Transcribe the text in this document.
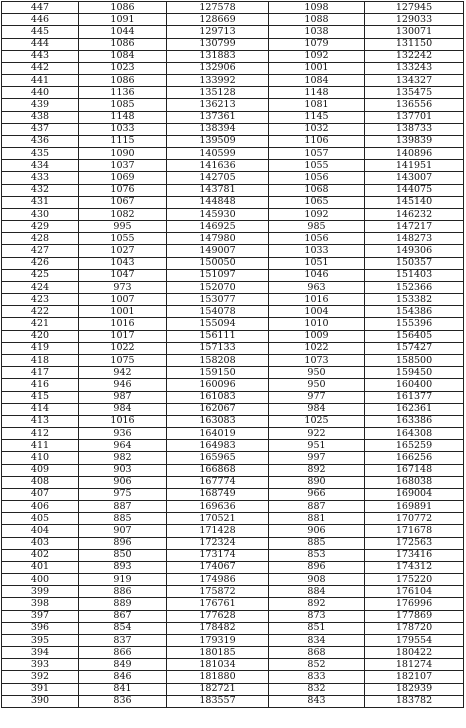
447	1086	127578	1098	127945
446	1091	128669	1088	129033
445	1044	129713	1038	130071
444	1086	130799	1079	131150
443	1084	131883	1092	132242
442	1023	132906	1001	133243
441	1086	133992	1084	134327
440	1136	135128	1148	135475
439	1085	136213	1081	136556
438	1148	137361	1145	137701
437	1033	138394	1032	138733
436	1115	139509	1106	139839
435	1090	140599	1057	140896
434	1037	141636	1055	141951
433	1069	142705	1056	143007
432	1076	143781	1068	144075
431	1067	144848	1065	145140
430	1082	145930	1092	146232
429	995	146925	985	147217
428	1055	147980	1056	148273
427	1027	149007	1033	149306
426	1043	150050	1051	150357
425	1047	151097	1046	151403
424	973	152070	963	152366
423	1007	153077	1016	153382
422	1001	154078	1004	154386
421	1016	155094	1010	155396
420	1017	156111	1009	156405
419	1022	157133	1022	157427
418	1075	158208	1073	158500
417	942	159150	950	159450
416	946	160096	950	160400
415	987	161083	977	161377
414	984	162067	984	162361
413	1016	163083	1025	163386
412	936	164019	922	164308
411	964	164983	951	165259
410	982	165965	997	166256
409	903	166868	892	167148
408	906	167774	890	168038
407	975	168749	966	169004
406	887	169636	887	169891
405	885	170521	881	170772
404	907	171428	906	171678
403	896	172324	885	172563
402	850	173174	853	173416
401	893	174067	896	174312
400	919	174986	908	175220
399	886	175872	884	176104
398	889	176761	892	176996
397	867	177628	873	177869
396	854	178482	851	178720
395	837	179319	834	179554
394	866	180185	868	180422
393	849	181034	852	181274
392	846	181880	833	182107
391	841	182721	832	182939
390	836	183557	843	183782
